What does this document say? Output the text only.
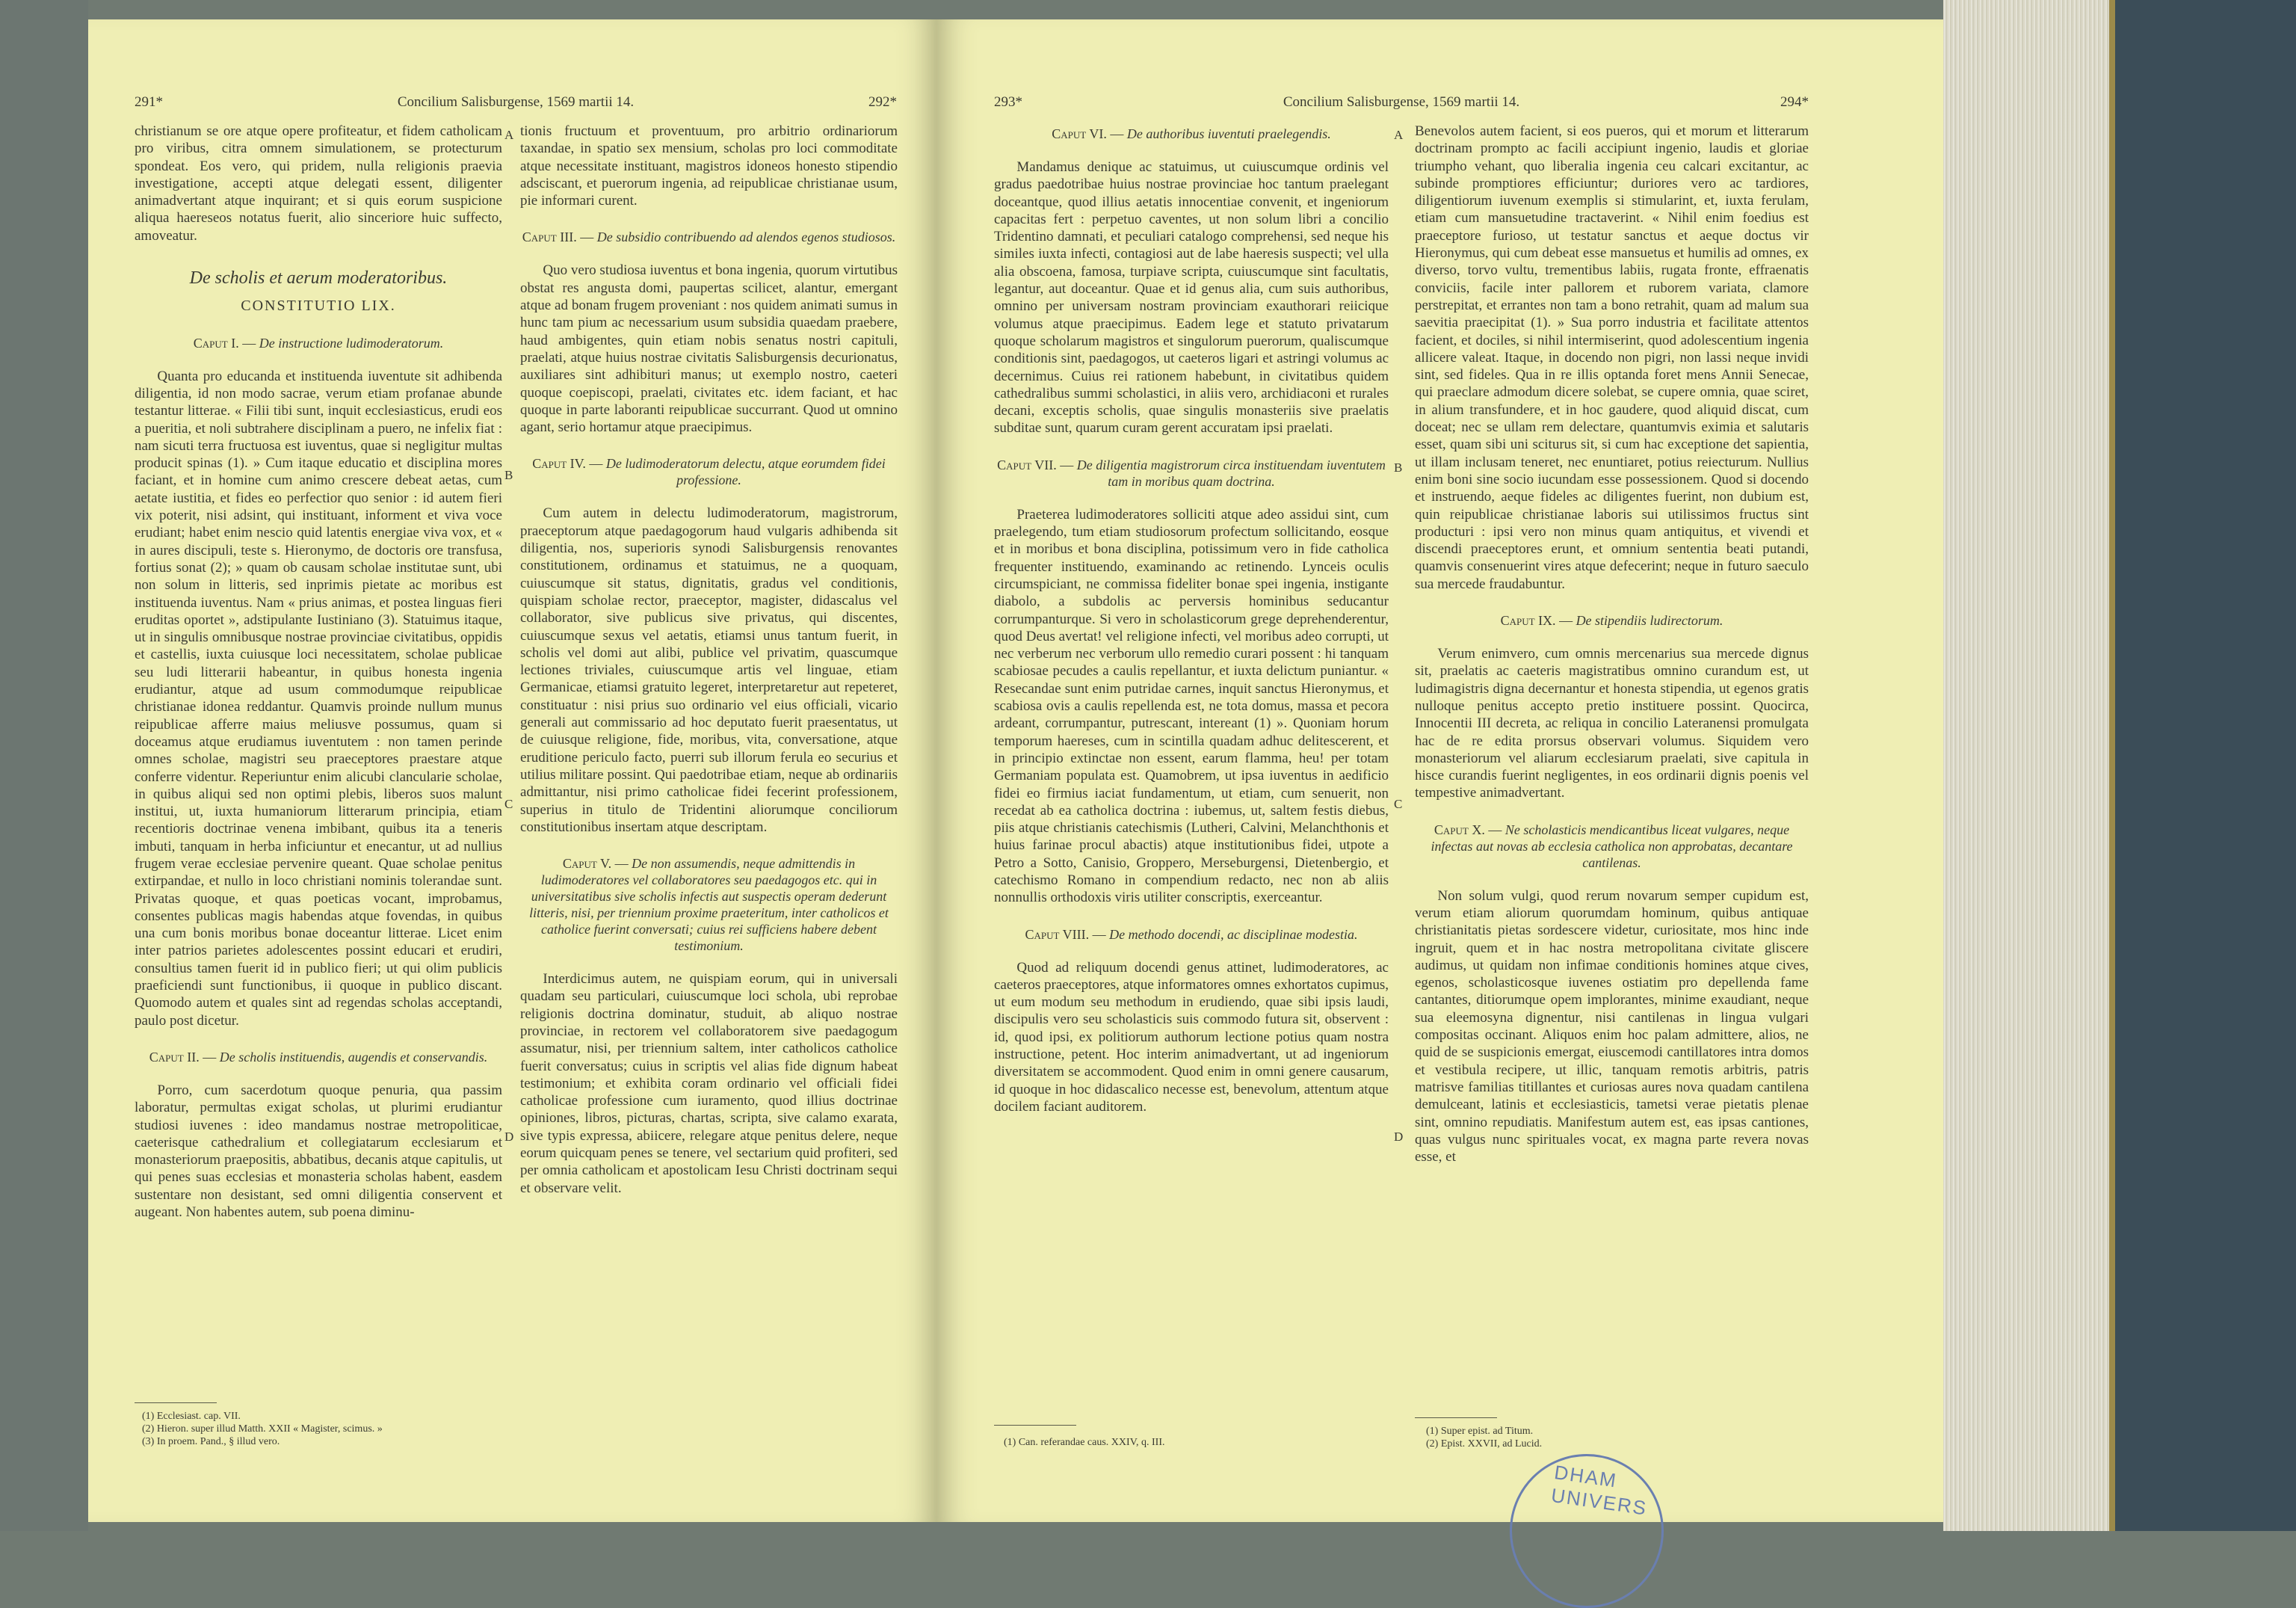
291*	Concilium Salisburgense, 1569 martii 14.	292*

christianum se ore atque opere profiteatur, et fidem catholicam pro viribus, citra omnem simulationem, se protecturum spondeat. Eos vero, qui pridem, nulla religionis praevia investigatione, accepti atque delegati essent, diligenter animadvertant atque inquirant; et si quis eorum suspicione aliqua haereseos notatus fuerit, alio sinceriore huic suffecto, amoveatur.

De scholis et aerum moderatoribus.
CONSTITUTIO LIX.
Caput I. — De instructione ludimoderatorum.

Quanta pro educanda et instituenda iuventute sit adhibenda diligentia, id non modo sacrae, verum etiam profanae abunde testantur litterae. « Filii tibi sunt, inquit ecclesiasticus, erudi eos a pueritia, et noli subtrahere disciplinam a puero, ne infelix fiat : nam sicuti terra fructuosa est iuventus, quae si negligitur multas producit spinas (1). » Cum itaque educatio et disciplina mores faciant, et in homine cum animo crescere debeat aetas, cum aetate iustitia, et fides eo perfectior quo senior : id autem fieri vix poterit, nisi adsint, qui instituant, informent et viva voce erudiant; habet enim nescio quid latentis energiae viva vox, et « in aures discipuli, teste s. Hieronymo, de doctoris ore transfusa, fortius sonat (2); » quam ob causam scholae institutae sunt, ubi non solum in litteris, sed inprimis pietate ac moribus est instituenda iuventus. Nam « prius animas, et postea linguas fieri eruditas oportet », adstipulante Iustiniano (3). Statuimus itaque, ut in singulis omnibusque nostrae provinciae civitatibus, oppidis et castellis, iuxta cuiusque loci necessitatem, scholae publicae seu ludi litterarii habeantur, in quibus honesta ingenia erudiantur, atque ad usum commodumque reipublicae christianae idonea reddantur. Quamvis proinde nullum munus reipublicae afferre maius meliusve possumus, quam si doceamus atque erudiamus iuventutem : non tamen perinde omnes scholae, magistri seu praeceptores praestare atque conferre videntur. Reperiuntur enim alicubi clancularie scholae, in quibus aliqui sed non optimi plebis, liberos suos malunt institui, ut, iuxta humaniorum litterarum principia, etiam recentioris doctrinae venena imbibant, quibus ita a teneris imbuti, tanquam in herba inficiuntur et enecantur, ut ad nullius frugem verae ecclesiae pervenire queant. Quae scholae penitus extirpandae, et nullo in loco christiani nominis tolerandae sunt. Privatas quoque, et quas poeticas vocant, improbamus, consentes publicas magis habendas atque fovendas, in quibus una cum bonis moribus bonae doceantur litterae. Licet enim inter patrios parietes adolescentes possint educari et erudiri, consultius tamen fuerit id in publico fieri; ut qui olim publicis praeficiendi sunt functionibus, ii quoque in publico discant. Quomodo autem et quales sint ad regendas scholas acceptandi, paulo post dicetur.

Caput II. — De scholis instituendis, augendis et conservandis.

Porro, cum sacerdotum quoque penuria, qua passim laboratur, permultas exigat scholas, ut plurimi erudiantur studiosi iuvenes : ideo mandamus nostrae metropoliticae, caeterisque cathedralium et collegiatarum ecclesiarum et monasteriorum praepositis, abbatibus, decanis atque capitulis, ut qui penes suas ecclesias et monasteria scholas habent, easdem sustentare non desistant, sed omni diligentia conservent et augeant. Non habentes autem, sub poena diminu-

tionis fructuum et proventuum, pro arbitrio ordinariorum taxandae, in spatio sex mensium, scholas pro loci commoditate atque necessitate instituant, magistros idoneos honesto stipendio adsciscant, et puerorum ingenia, ad reipublicae christianae usum, pie informari curent.

Caput III. — De subsidio contribuendo ad alendos egenos studiosos.

Quo vero studiosa iuventus et bona ingenia, quorum virtutibus obstat res angusta domi, paupertas scilicet, alantur, emergant atque ad bonam frugem proveniant : nos quidem animati sumus in hunc tam pium ac necessarium usum subsidia quaedam praebere, haud ambigentes, quin etiam nobis senatus nostri capituli, praelati, atque huius nostrae civitatis Salisburgensis decurionatus, auxiliares sint adhibituri manus; ut exemplo nostro, caeteri quoque coepiscopi, praelati, civitates etc. idem faciant, et hac quoque in parte laboranti reipublicae succurrant. Quod ut omnino agant, serio hortamur atque praecipimus.

Caput IV. — De ludimoderatorum delectu, atque eorumdem fidei professione.

Cum autem in delectu ludimoderatorum, magistrorum, praeceptorum atque paedagogorum haud vulgaris adhibenda sit diligentia, nos, superioris synodi Salisburgensis renovantes constitutionem, ordinamus et statuimus, ne a quoquam, cuiuscumque sit status, dignitatis, gradus vel conditionis, quispiam scholae rector, praeceptor, magister, didascalus vel collaborator, sive publicus sive privatus, qui discentes, cuiuscumque sexus vel aetatis, etiamsi unus tantum fuerit, in scholis vel domi aut alibi, publice vel privatim, quascumque lectiones triviales, cuiuscumque artis vel linguae, etiam Germanicae, etiamsi gratuito legeret, interpretaretur aut repeteret, constituatur : nisi prius suo ordinario vel eius officiali, vicario generali aut commissario ad hoc deputato fuerit praesentatus, ut de cuiusque religione, fide, moribus, vita, conversatione, atque eruditione periculo facto, puerri sub illorum ferula eo securius et utilius militare possint. Qui paedotribae etiam, neque ab ordinariis admittantur, nisi primo catholicae fidei fecerint professionem, superius in titulo de Tridentini aliorumque conciliorum constitutionibus insertam atque descriptam.

Caput V. — De non assumendis, neque admittendis in ludimoderatores vel collaboratores seu paedagogos etc. qui in universitatibus sive scholis infectis aut suspectis operam dederunt litteris, nisi, per triennium proxime praeteritum, inter catholicos et catholice fuerint conversati; cuius rei sufficiens habere debent testimonium.

Interdicimus autem, ne quispiam eorum, qui in universali quadam seu particulari, cuiuscumque loci schola, ubi reprobae religionis doctrina dominatur, studuit, ab aliquo nostrae provinciae, in rectorem vel collaboratorem sive paedagogum assumatur, nisi, per triennium saltem, inter catholicos catholice fuerit conversatus; cuius in scriptis vel alias fide dignum habeat testimonium; et exhibita coram ordinario vel officiali fidei catholicae professione cum iuramento, quod illius doctrinae opiniones, libros, picturas, chartas, scripta, sive calamo exarata, sive typis expressa, abiicere, relegare atque penitus delere, neque eorum quicquam penes se tenere, vel sectarium quid profiteri, sed per omnia catholicam et apostolicam Iesu Christi doctrinam sequi et observare velit.

A
B
C
D
(1) Ecclesiast. cap. VII.
(2) Hieron. super illud Matth. XXII « Magister, scimus. »
(3) In proem. Pand., § illud vero.
293*	Concilium Salisburgense, 1569 martii 14.	294*
Caput VI. — De authoribus iuventuti praelegendis.

Mandamus denique ac statuimus, ut cuiuscumque ordinis vel gradus paedotribae huius nostrae provinciae hoc tantum praelegant doceantque, quod illius aetatis innocentiae convenit, et ingeniorum capacitas fert : perpetuo caventes, ut non solum libri a concilio Tridentino damnati, et peculiari catalogo comprehensi, sed neque his similes iuxta infecti, contagiosi aut de labe haeresis suspecti; vel ulla alia obscoena, famosa, turpiave scripta, cuiuscumque sint facultatis, legantur, aut doceantur. Quae et id genus alia, cum suis authoribus, omnino per universam nostram provinciam exauthorari reiicique volumus atque praecipimus. Eadem lege et statuto privatarum quoque scholarum magistros et singulorum puerorum, qualiscumque conditionis sint, paedagogos, ut caeteros ligari et astringi volumus ac decernimus. Cuius rei rationem habebunt, in civitatibus quidem cathedralibus summi scholastici, in aliis vero, archidiaconi et rurales decani, exceptis scholis, quae singulis monasteriis sive praelatis subditae sunt, quarum curam gerent accuratam ipsi praelati.

Caput VII. — De diligentia magistrorum circa instituendam iuventutem tam in moribus quam doctrina.

Praeterea ludimoderatores solliciti atque adeo assidui sint, cum praelegendo, tum etiam studiosorum profectum sollicitando, eosque et in moribus et bona disciplina, potissimum vero in fide catholica frequenter instituendo, examinando ac retinendo. Lynceis oculis circumspiciant, ne commissa fideliter bonae spei ingenia, instigante diabolo, a subdolis ac perversis hominibus seducantur corrumpanturque. Si vero in scholasticorum grege deprehenderentur, quod Deus avertat! vel religione infecti, vel moribus adeo corrupti, ut nec verberum nec verborum ullo remedio curari possent : hi tanquam scabiosae pecudes a caulis repellantur, et iuxta delictum puniantur. « Resecandae sunt enim putridae carnes, inquit sanctus Hieronymus, et scabiosa ovis a caulis repellenda est, ne tota domus, massa et pecora ardeant, corrumpantur, putrescant, intereant (1) ». Quoniam horum temporum haereses, cum in scintilla quadam adhuc delitescerent, et in principio extinctae non essent, earum flamma, heu! per totam Germaniam populata est. Quamobrem, ut ipsa iuventus in aedificio fidei eo firmius iaciat fundamentum, ut etiam, cum senuerit, non recedat ab ea catholica doctrina : iubemus, ut, saltem festis diebus, piis atque christianis catechismis (Lutheri, Calvini, Melanchthonis et huius farinae procul abactis) atque institutionibus fidei, utpote a Petro a Sotto, Canisio, Groppero, Merseburgensi, Dietenbergio, et catechismo Romano in compendium redacto, nec non ab aliis nonnullis orthodoxis viris utiliter conscriptis, exerceantur.

Caput VIII. — De methodo docendi, ac disciplinae modestia.

Quod ad reliquum docendi genus attinet, ludimoderatores, ac caeteros praeceptores, atque informatores omnes exhortatos cupimus, ut eum modum seu methodum in erudiendo, quae sibi ipsis laudi, discipulis vero seu scholasticis suis commodo futura sit, observent : id, quod ipsi, ex politiorum authorum lectione potius quam nostra instructione, petent. Hoc interim animadvertant, ut ad ingeniorum diversitatem se accommodent. Quod enim in omni genere causarum, id quoque in hoc didascalico necesse est, benevolum, attentum atque docilem faciant auditorem.

Benevolos autem facient, si eos pueros, qui et morum et litterarum doctrinam prompto ac facili accipiunt ingenio, laudis et gloriae triumpho vehant, quo liberalia ingenia ceu calcari excitantur, ac subinde promptiores efficiuntur; duriores vero ac tardiores, diligentiorum iuvenum exemplis si stimularint, et, iuxta ferulam, etiam cum mansuetudine tractaverint. « Nihil enim foedius est praeceptore furioso, ut testatur sanctus et aeque doctus vir Hieronymus, qui cum debeat esse mansuetus et humilis ad omnes, ex diverso, torvo vultu, trementibus labiis, rugata fronte, effraenatis conviciis, facile inter pallorem et ruborem variata, clamore perstrepitat, et errantes non tam a bono retrahit, quam ad malum sua saevitia praecipitat (1). » Sua porro industria et facilitate attentos facient, et dociles, si nihil intermiserint, quod adolescentium ingenia allicere valeat. Itaque, in docendo non pigri, non lassi neque invidi sint, sed fideles. Qua in re illis optanda foret mens Annii Senecae, qui praeclare admodum dicere solebat, se cupere omnia, quae sciret, in alium transfundere, et in hoc gaudere, quod aliquid discat, cum doceat; nec se ullam rem delectare, quantumvis eximia et salutaris esset, quam sibi uni sciturus sit, si cum hac exceptione det sapientia, ut illam inclusam teneret, nec enuntiaret, potius reiecturum. Nullius enim boni sine socio iucundam esse possessionem. Quod si docendo et instruendo, aeque fideles ac diligentes fuerint, non dubium est, quin reipublicae christianae laboris sui utilissimos fructus sint producturi : ipsi vero non minus quam antiquitus, et vivendi et discendi praeceptores erunt, et omnium sententia beati putandi, quamvis consenuerint vires atque defecerint; neque in futuro saeculo sua mercede fraudabuntur.

Caput IX. — De stipendiis ludirectorum.

Verum enimvero, cum omnis mercenarius sua mercede dignus sit, praelatis ac caeteris magistratibus omnino curandum est, ut ludimagistris digna decernantur et honesta stipendia, ut egenos gratis nulloque penitus accepto pretio instituere possint. Quocirca, Innocentii III decreta, ac reliqua in concilio Lateranensi promulgata hac de re edita prorsus observari volumus. Siquidem vero monasteriorum vel aliarum ecclesiarum praelati, sive capitula in hisce curandis fuerint negligentes, in eos ordinarii dignis poenis vel tempestive animadvertant.

Caput X. — Ne scholasticis mendicantibus liceat vulgares, neque infectas aut novas ab ecclesia catholica non approbatas, decantare cantilenas.

Non solum vulgi, quod rerum novarum semper cupidum est, verum etiam aliorum quorumdam hominum, quibus antiquae christianitatis pietas sordescere videtur, curiositate, mos hinc inde ingruit, quem et in hac nostra metropolitana civitate gliscere audimus, ut quidam non infimae conditionis homines atque cives, egenos, scholasticosque iuvenes ostiatim pro depellenda fame cantantes, ditiorumque opem implorantes, minime exaudiant, neque sua eleemosyna dignentur, nisi cantilenas in lingua vulgari compositas occinant. Aliquos enim hoc palam admittere, alios, ne quid de se suspicionis emergat, eiuscemodi cantillatores intra domos et vestibula recipere, ut illic, tanquam remotis arbitris, patris matrisve familias titillantes et curiosas aures nova quadam cantilena demulceant, latinis et ecclesiasticis, tametsi verae pietatis plenae sint, omnino repudiatis. Manifestum autem est, eas ipsas cantiones, quas vulgus nunc spirituales vocat, ex magna parte revera novas esse, et

A
B
C
D
(1) Can. referandae caus. XXIV, q. III.
(1) Super epist. ad Titum.
(2) Epist. XXVII, ad Lucid.
DHAM UNIVERS
